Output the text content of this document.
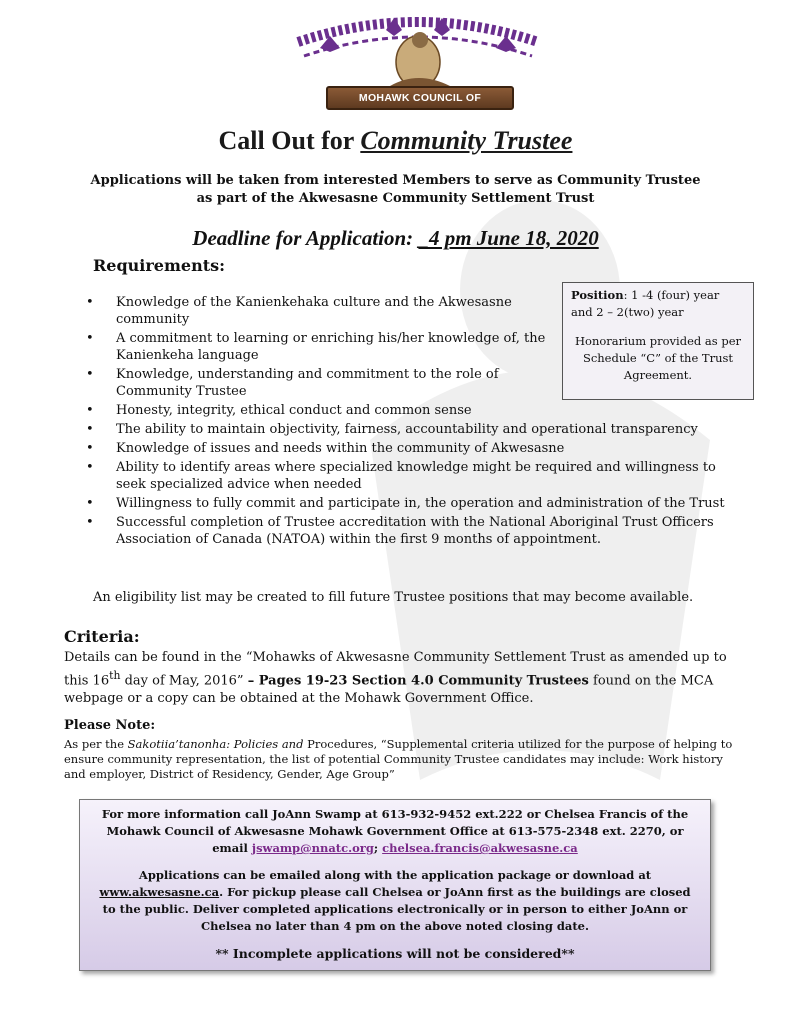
MOHAWK COUNCIL OF AKWESASNE
Call Out for Community Trustee
Applications will be taken from interested Members to serve as Community Trustee
as part of the Akwesasne Community Settlement Trust
Deadline for Application: _4 pm June 18, 2020
Requirements:
Position: 1 -4 (four) year
and 2 – 2(two) year
Honorarium provided as per Schedule “C” of the Trust Agreement.
• Knowledge of the Kanienkehaka culture and the Akwesasne community
• A commitment to learning or enriching his/her knowledge of, the Kanienkeha language
• Knowledge, understanding and commitment to the role of Community Trustee
• Honesty, integrity, ethical conduct and common sense
• The ability to maintain objectivity, fairness, accountability and operational transparency
• Knowledge of issues and needs within the community of Akwesasne
• Ability to identify areas where specialized knowledge might be required and willingness to seek specialized advice when needed
• Willingness to fully commit and participate in, the operation and administration of the Trust
• Successful completion of Trustee accreditation with the National Aboriginal Trust Officers Association of Canada (NATOA) within the first 9 months of appointment.
An eligibility list may be created to fill future Trustee positions that may become available.
Criteria:
Details can be found in the “Mohawks of Akwesasne Community Settlement Trust as amended up to this 16th day of May, 2016” – Pages 19-23 Section 4.0 Community Trustees found on the MCA webpage or a copy can be obtained at the Mohawk Government Office.
Please Note:
As per the Sakotiia’tanonha: Policies and Procedures, “Supplemental criteria utilized for the purpose of helping to ensure community representation, the list of potential Community Trustee candidates may include: Work history and employer, District of Residency, Gender, Age Group”

For more information call JoAnn Swamp at 613-932-9452 ext.222 or Chelsea Francis of the Mohawk Council of Akwesasne Mohawk Government Office at 613-575-2348 ext. 2270, or email jswamp@nnatc.org; chelsea.francis@akwesasne.ca

Applications can be emailed along with the application package or download at www.akwesasne.ca. For pickup please call Chelsea or JoAnn first as the buildings are closed to the public. Deliver completed applications electronically or in person to either JoAnn or Chelsea no later than 4 pm on the above noted closing date.

** Incomplete applications will not be considered**
